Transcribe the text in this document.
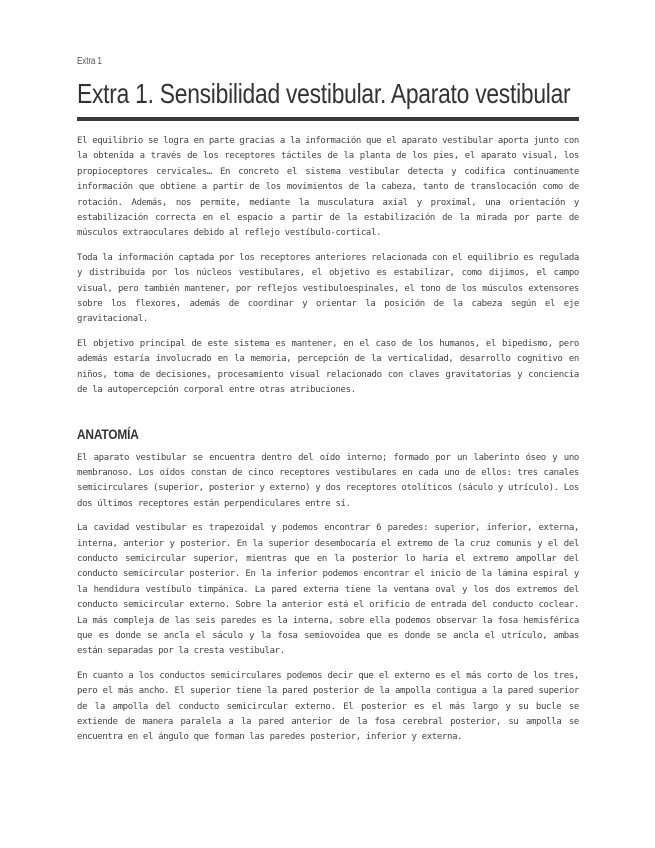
Extra 1
Extra 1. Sensibilidad vestibular. Aparato vestibular

El equilibrio se logra en parte gracias a la información que el aparato vestibular aporta junto con la obtenida a través de los receptores táctiles de la planta de los pies, el aparato visual, los propioceptores cervicales… En concreto el sistema vestibular detecta y codifica continuamente información que obtiene a partir de los movimientos de la cabeza, tanto de translocación como de rotación. Además, nos permite, mediante la musculatura axial y proximal, una orientación y estabilización correcta en el espacio a partir de la estabilización de la mirada por parte de músculos extraoculares debido al reflejo vestíbulo-cortical.

Toda la información captada por los receptores anteriores relacionada con el equilibrio es regulada y distribuida por los núcleos vestibulares, el objetivo es estabilizar, como dijimos, el campo visual, pero también mantener, por reflejos vestibuloespinales, el tono de los músculos extensores sobre los flexores, además de coordinar y orientar la posición de la cabeza según el eje gravitacional.

El objetivo principal de este sistema es mantener, en el caso de los humanos, el bipedismo, pero además estaría involucrado en la memoria, percepción de la verticalidad, desarrollo cognitivo en niños, toma de decisiones, procesamiento visual relacionado con claves gravitatorias y conciencia de la autopercepción corporal entre otras atribuciones.

ANATOMÍA

El aparato vestibular se encuentra dentro del oído interno; formado por un laberinto óseo y uno membranoso. Los oídos constan de cinco receptores vestibulares en cada uno de ellos: tres canales semicirculares (superior, posterior y externo) y dos receptores otolíticos (sáculo y utrículo). Los dos últimos receptores están perpendiculares entre sí.

La cavidad vestibular es trapezoidal y podemos encontrar 6 paredes: superior, inferior, externa, interna, anterior y posterior. En la superior desembocaría el extremo de la cruz comunis y el del conducto semicircular superior, mientras que en la posterior lo haría el extremo ampollar del conducto semicircular posterior. En la inferior podemos encontrar el inicio de la lámina espiral y la hendidura vestíbulo timpánica. La pared externa tiene la ventana oval y los dos extremos del conducto semicircular externo. Sobre la anterior está el orificio de entrada del conducto coclear. La más compleja de las seis paredes es la interna, sobre ella podemos observar la fosa hemisférica que es donde se ancla el sáculo y la fosa semiovoidea que es donde se ancla el utrículo, ambas están separadas por la cresta vestibular.

En cuanto a los conductos semicirculares podemos decir que el externo es el más corto de los tres, pero el más ancho. El superior tiene la pared posterior de la ampolla contigua a la pared superior de la ampolla del conducto semicircular externo. El posterior es el más largo y su bucle se extiende de manera paralela a la pared anterior de la fosa cerebral posterior, su ampolla se encuentra en el ángulo que forman las paredes posterior, inferior y externa.
